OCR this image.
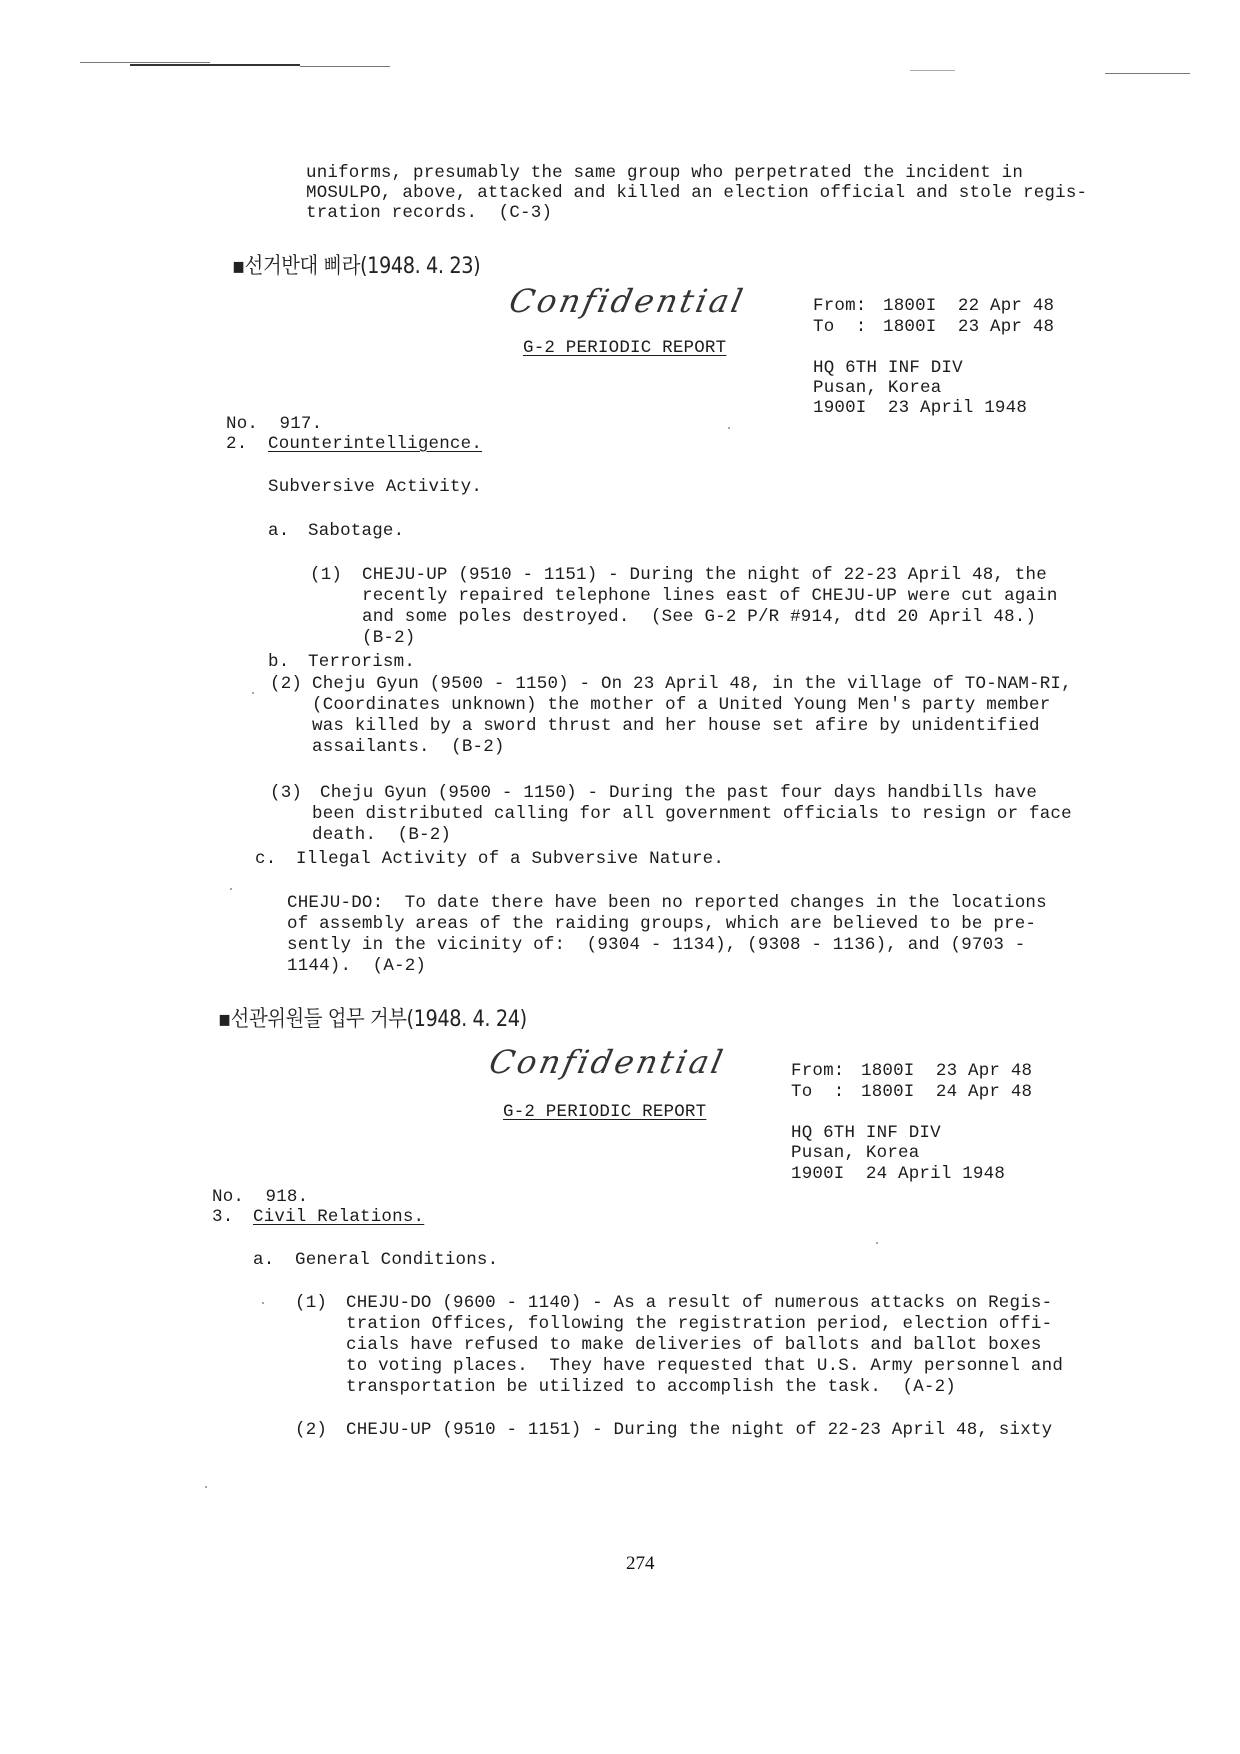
uniforms, presumably the same group who perpetrated the incident in
MOSULPO, above, attacked and killed an election official and stole regis-
tration records.  (C-3)
▪선거반대 삐라(1948. 4. 23)
Confidential
G-2 PERIODIC REPORT
From: 1800I  22 Apr 48
To  : 1800I  23 Apr 48
HQ 6TH INF DIV
Pusan, Korea
1900I  23 April 1948
No.  917.
2. Counterintelligence.
Subversive Activity.
a. Sabotage.
(1) CHEJU-UP (9510 - 1151) - During the night of 22-23 April 48, the
recently repaired telephone lines east of CHEJU-UP were cut again
and some poles destroyed.  (See G-2 P/R #914, dtd 20 April 48.)
(B-2)
b. Terrorism.
(2) Cheju Gyun (9500 - 1150) - On 23 April 48, in the village of TO-NAM-RI,
(Coordinates unknown) the mother of a United Young Men's party member
was killed by a sword thrust and her house set afire by unidentified
assailants.  (B-2)
(3) Cheju Gyun (9500 - 1150) - During the past four days handbills have
been distributed calling for all government officials to resign or face
death.  (B-2)
c. Illegal Activity of a Subversive Nature.
CHEJU-DO:  To date there have been no reported changes in the locations
of assembly areas of the raiding groups, which are believed to be pre-
sently in the vicinity of:  (9304 - 1134), (9308 - 1136), and (9703 -
1144).  (A-2)
▪선관위원들 업무 거부(1948. 4. 24)
Confidential
G-2 PERIODIC REPORT
From: 1800I  23 Apr 48
To  : 1800I  24 Apr 48
HQ 6TH INF DIV
Pusan, Korea
1900I  24 April 1948
No.  918.
3. Civil Relations.
a. General Conditions.
(1) CHEJU-DO (9600 - 1140) - As a result of numerous attacks on Regis-
tration Offices, following the registration period, election offi-
cials have refused to make deliveries of ballots and ballot boxes
to voting places.  They have requested that U.S. Army personnel and
transportation be utilized to accomplish the task.  (A-2)
(2) CHEJU-UP (9510 - 1151) - During the night of 22-23 April 48, sixty
274
